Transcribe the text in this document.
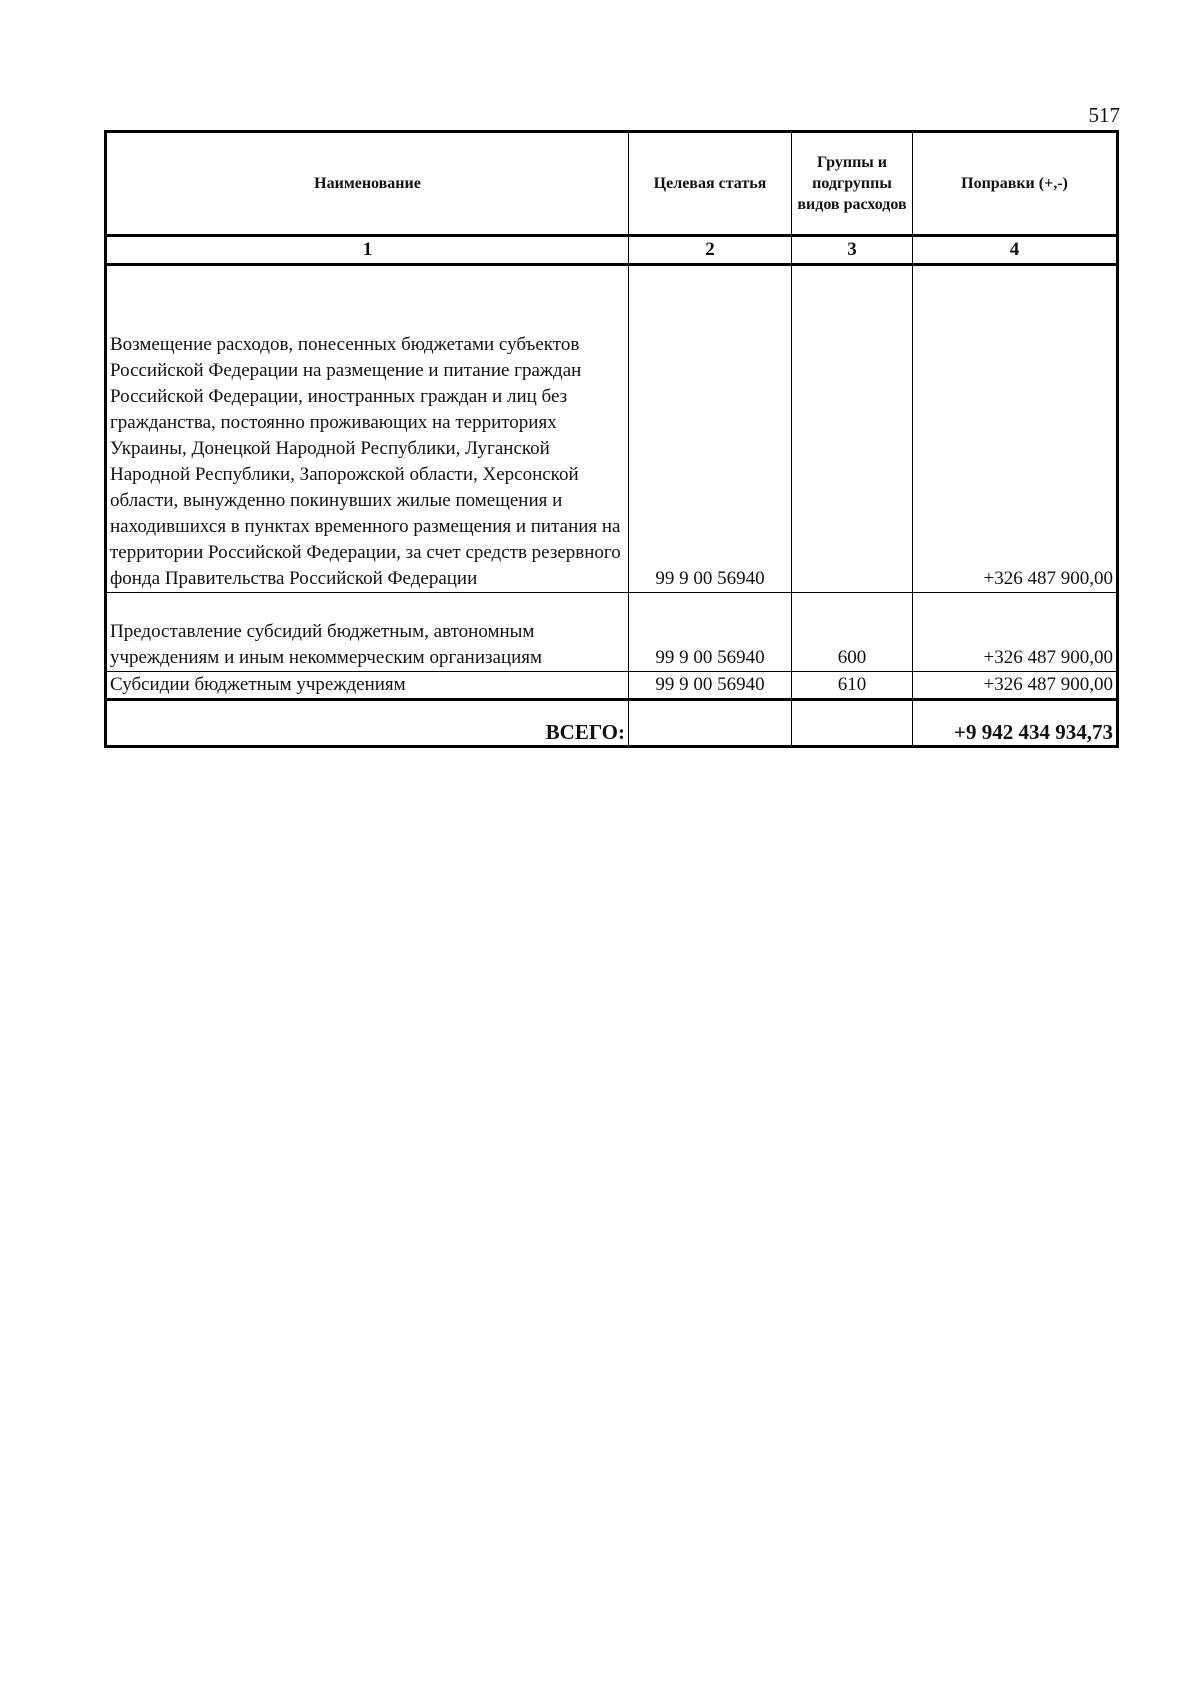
517
Наименование	Целевая статья	Группы и подгруппы видов расходов	Поправки (+,-)
1	2	3	4
Возмещение расходов, понесенных бюджетами субъектов Российской Федерации на размещение и питание граждан Российской Федерации, иностранных граждан и лиц без гражданства, постоянно проживающих на территориях Украины, Донецкой Народной Республики, Луганской Народной Республики, Запорожской области, Херсонской области, вынужденно покинувших жилые помещения и находившихся в пунктах временного размещения и питания на территории Российской Федерации, за счет средств резервного фонда Правительства Российской Федерации	99 9 00 56940		+326 487 900,00
Предоставление субсидий бюджетным, автономным учреждениям и иным некоммерческим организациям	99 9 00 56940	600	+326 487 900,00
Субсидии бюджетным учреждениям	99 9 00 56940	610	+326 487 900,00
ВСЕГО:			+9 942 434 934,73
